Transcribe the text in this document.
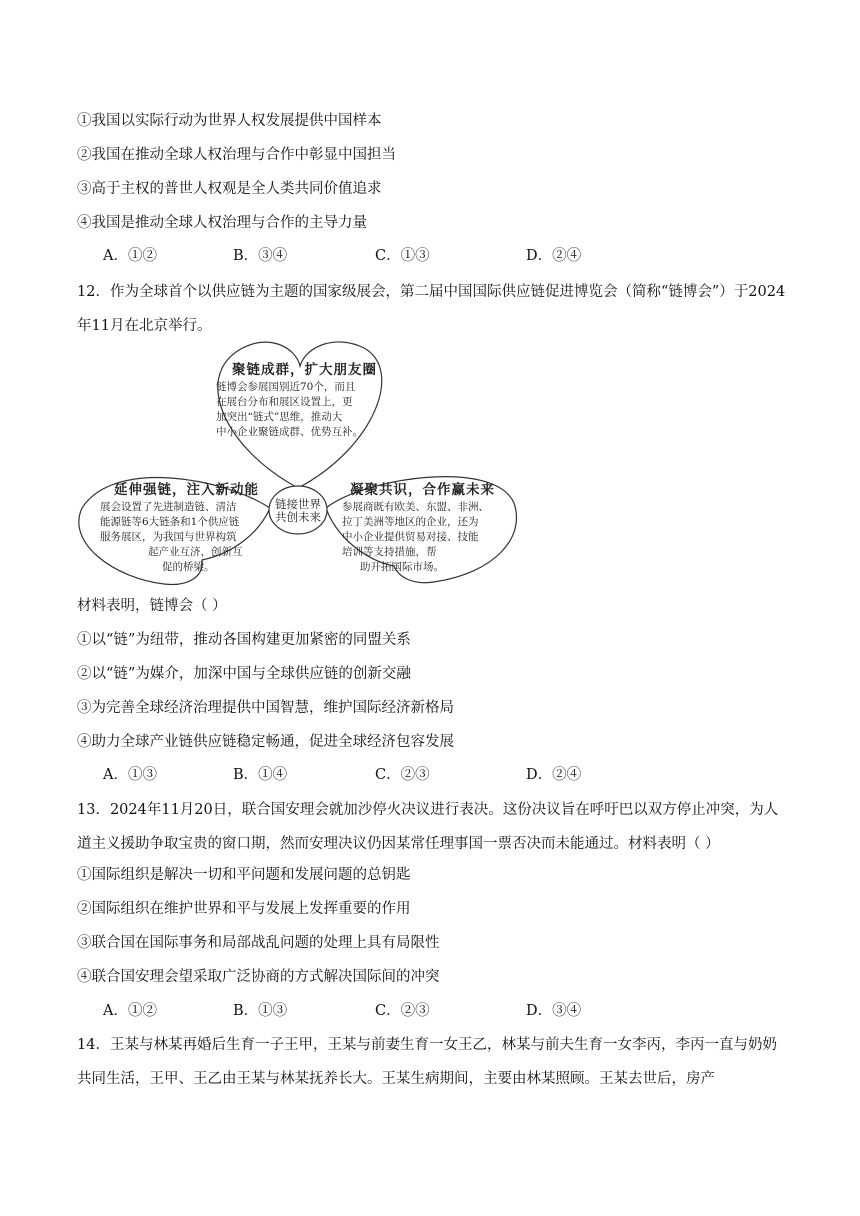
①我国以实际行动为世界人权发展提供中国样本
②我国在推动全球人权治理与合作中彰显中国担当
③高于主权的普世人权观是全人类共同价值追求
④我国是推动全球人权治理与合作的主导力量
A．①②	B．③④	C．①③	D．②④
12．作为全球首个以供应链为主题的国家级展会，第二届中国国际供应链促进博览会（简称“链博会”）于2024年11月在北京举行。
聚链成群，扩大朋友圈
链博会参展国别近70个，而且
在展台分布和展区设置上，更
加突出“链式”思维，推动大
中小企业聚链成群、优势互补。
延伸强链，注入新动能
展会设置了先进制造链、清洁
能源链等6大链条和1个供应链
服务展区，为我国与世界构筑
起产业互济，创新互
促的桥梁。
凝聚共识，合作赢未来
参展商既有欧美、东盟、非洲、
拉丁美洲等地区的企业，还为
中小企业提供贸易对接、技能
培训等支持措施，帮
助开拓国际市场。
链接世界
共创未来
材料表明，链博会（ ）
①以“链”为纽带，推动各国构建更加紧密的同盟关系
②以“链”为媒介，加深中国与全球供应链的创新交融
③为完善全球经济治理提供中国智慧，维护国际经济新格局
④助力全球产业链供应链稳定畅通，促进全球经济包容发展
A．①③	B．①④	C．②③	D．②④
13．2024年11月20日，联合国安理会就加沙停火决议进行表决。这份决议旨在呼吁巴以双方停止冲突，为人道主义援助争取宝贵的窗口期，然而安理决议仍因某常任理事国一票否决而未能通过。材料表明（ ）
①国际组织是解决一切和平问题和发展问题的总钥匙
②国际组织在维护世界和平与发展上发挥重要的作用
③联合国在国际事务和局部战乱问题的处理上具有局限性
④联合国安理会望采取广泛协商的方式解决国际间的冲突
A．①②	B．①③	C．②③	D．③④
14．王某与林某再婚后生育一子王甲，王某与前妻生育一女王乙，林某与前夫生育一女李丙，李丙一直与奶奶共同生活，王甲、王乙由王某与林某抚养长大。王某生病期间，主要由林某照顾。王某去世后，房产
